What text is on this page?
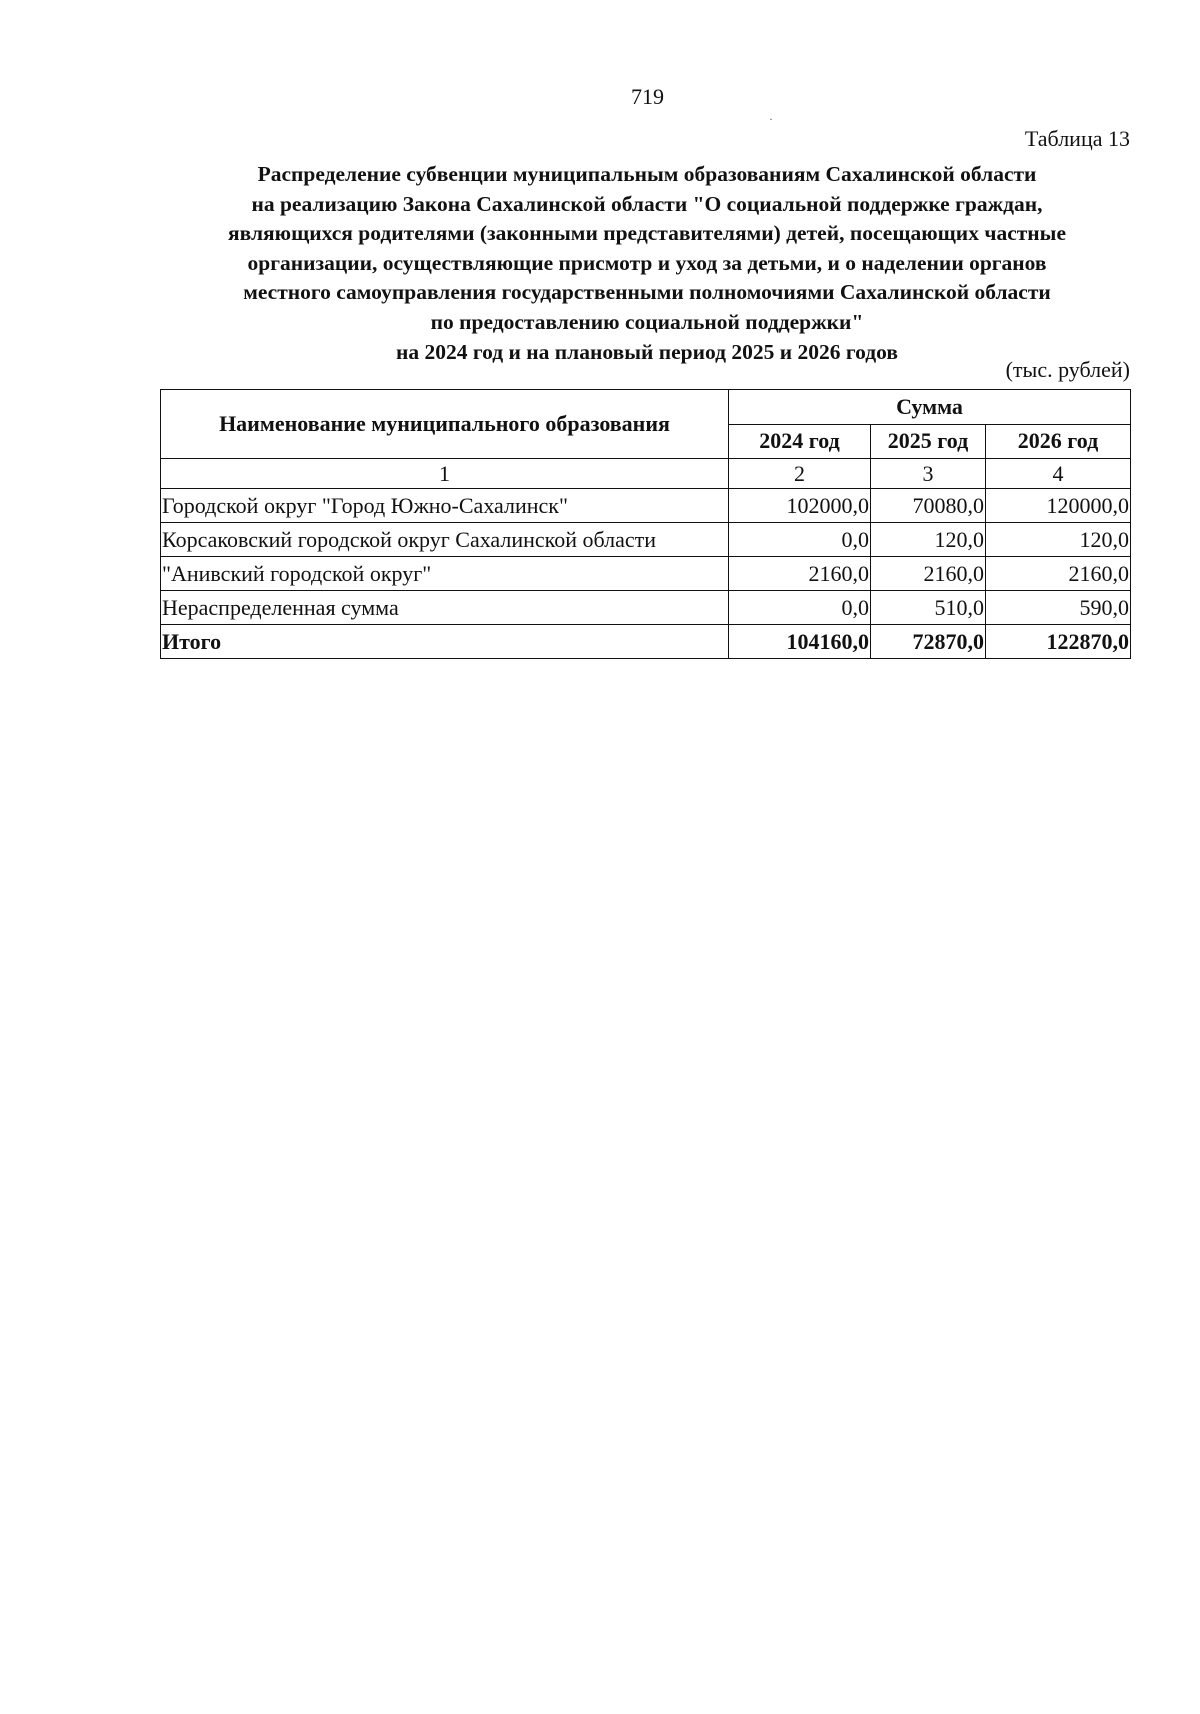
719
·
Таблица 13
Распределение субвенции муниципальным образованиям Сахалинской области
на реализацию Закона Сахалинской области "О социальной поддержке граждан,
являющихся родителями (законными представителями) детей, посещающих частные
организации, осуществляющие присмотр и уход за детьми, и о наделении органов
местного самоуправления государственными полномочиями Сахалинской области
по предоставлению социальной поддержки"
на 2024 год и на плановый период 2025 и 2026 годов
(тыс. рублей)
Наименование муниципального образования	Сумма		
	2024 год	2025 год	2026 год
1	2	3	4
Городской округ "Город Южно-Сахалинск"	102000,0	70080,0	120000,0
Корсаковский городской округ Сахалинской области	0,0	120,0	120,0
"Анивский городской округ"	2160,0	2160,0	2160,0
Нераспределенная сумма	0,0	510,0	590,0
Итого	104160,0	72870,0	122870,0
